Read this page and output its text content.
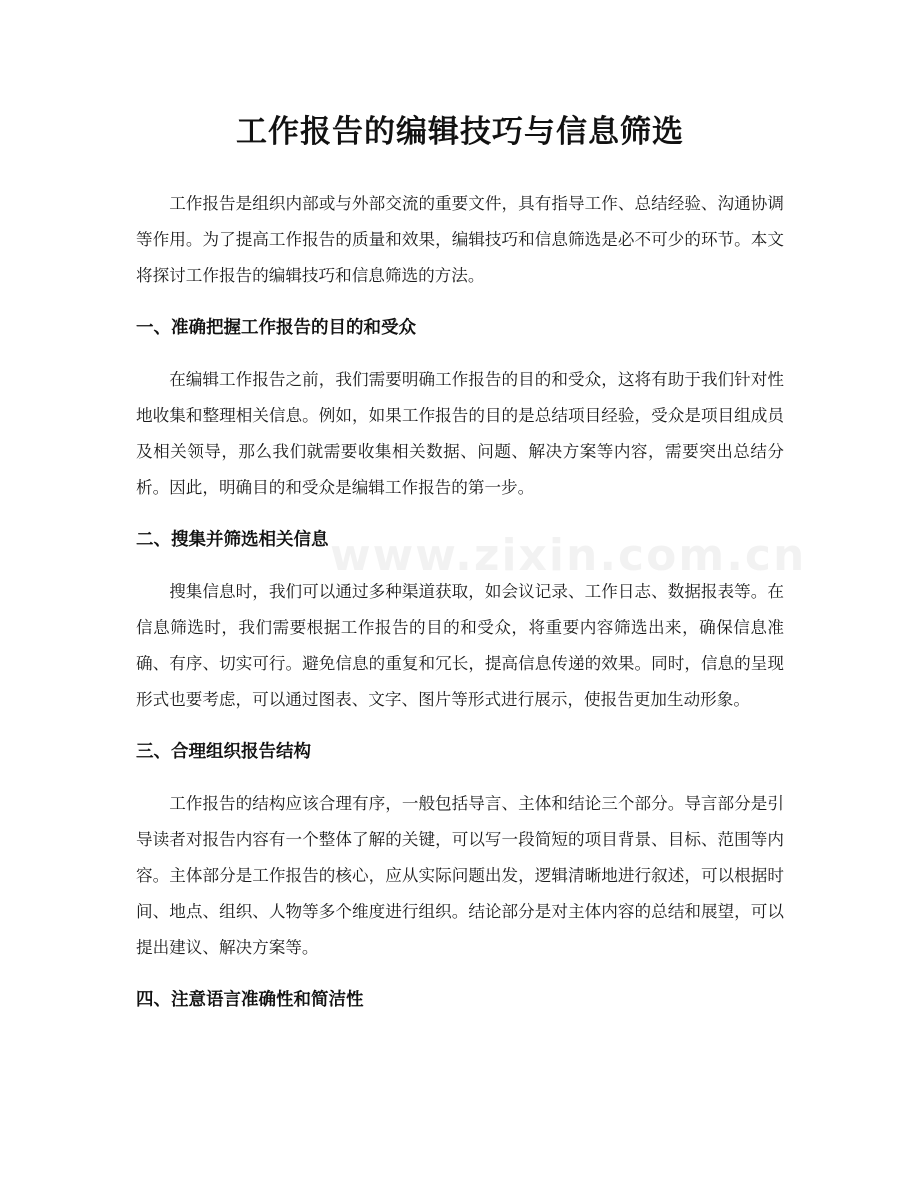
工作报告的编辑技巧与信息筛选

工作报告是组织内部或与外部交流的重要文件，具有指导工作、总结经验、沟通协调等作用。为了提高工作报告的质量和效果，编辑技巧和信息筛选是必不可少的环节。本文将探讨工作报告的编辑技巧和信息筛选的方法。

一、准确把握工作报告的目的和受众

在编辑工作报告之前，我们需要明确工作报告的目的和受众，这将有助于我们针对性地收集和整理相关信息。例如，如果工作报告的目的是总结项目经验，受众是项目组成员及相关领导，那么我们就需要收集相关数据、问题、解决方案等内容，需要突出总结分析。因此，明确目的和受众是编辑工作报告的第一步。

二、搜集并筛选相关信息

搜集信息时，我们可以通过多种渠道获取，如会议记录、工作日志、数据报表等。在信息筛选时，我们需要根据工作报告的目的和受众，将重要内容筛选出来，确保信息准确、有序、切实可行。避免信息的重复和冗长，提高信息传递的效果。同时，信息的呈现形式也要考虑，可以通过图表、文字、图片等形式进行展示，使报告更加生动形象。

三、合理组织报告结构

工作报告的结构应该合理有序，一般包括导言、主体和结论三个部分。导言部分是引导读者对报告内容有一个整体了解的关键，可以写一段简短的项目背景、目标、范围等内容。主体部分是工作报告的核心，应从实际问题出发，逻辑清晰地进行叙述，可以根据时间、地点、组织、人物等多个维度进行组织。结论部分是对主体内容的总结和展望，可以提出建议、解决方案等。

四、注意语言准确性和简洁性
www.zixin.com.cn
